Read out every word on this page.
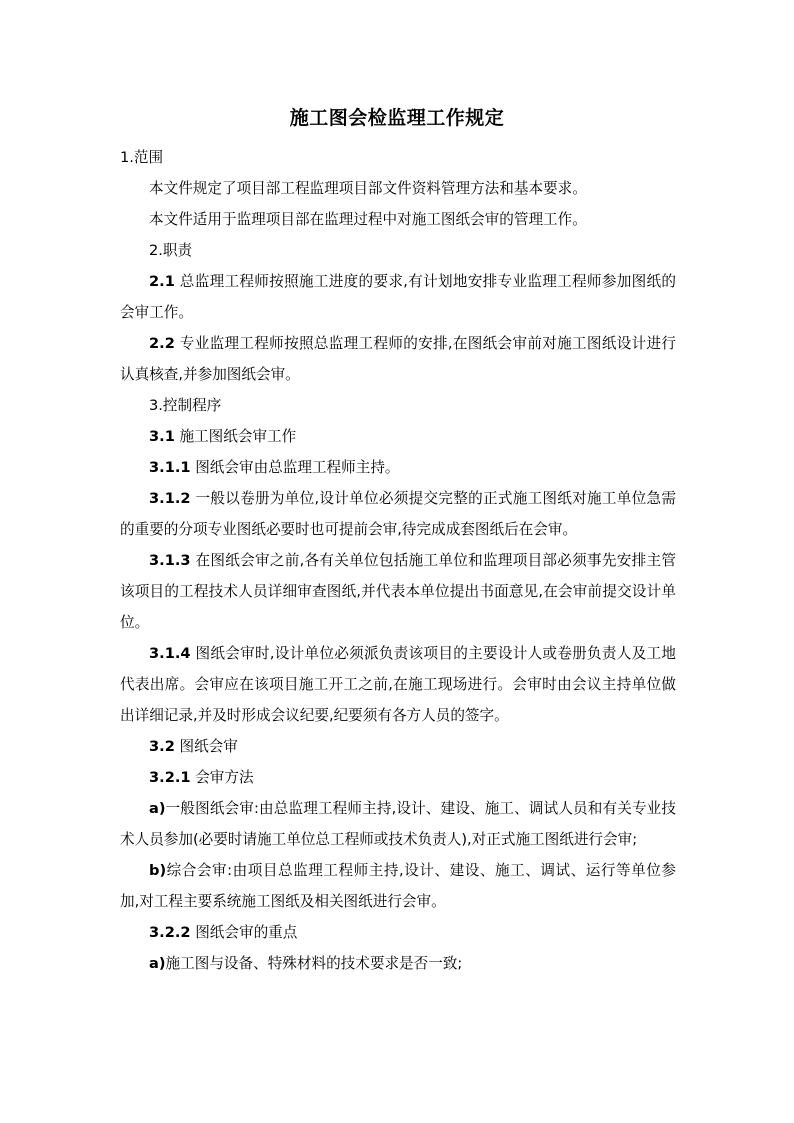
施工图会检监理工作规定

1.范围

本文件规定了项目部工程监理项目部文件资料管理方法和基本要求。

本文件适用于监理项目部在监理过程中对施工图纸会审的管理工作。

2.职责

2.1 总监理工程师按照施工进度的要求,有计划地安排专业监理工程师参加图纸的会审工作。

2.2 专业监理工程师按照总监理工程师的安排,在图纸会审前对施工图纸设计进行认真核查,并参加图纸会审。

3.控制程序

3.1 施工图纸会审工作

3.1.1 图纸会审由总监理工程师主持。

3.1.2 一般以卷册为单位,设计单位必须提交完整的正式施工图纸对施工单位急需的重要的分项专业图纸必要时也可提前会审,待完成成套图纸后在会审。

3.1.3 在图纸会审之前,各有关单位包括施工单位和监理项目部必须事先安排主管该项目的工程技术人员详细审查图纸,并代表本单位提出书面意见,在会审前提交设计单位。

3.1.4 图纸会审时,设计单位必须派负责该项目的主要设计人或卷册负责人及工地代表出席。会审应在该项目施工开工之前,在施工现场进行。会审时由会议主持单位做出详细记录,并及时形成会议纪要,纪要须有各方人员的签字。

3.2 图纸会审

3.2.1 会审方法

a)一般图纸会审:由总监理工程师主持,设计、建设、施工、调试人员和有关专业技术人员参加(必要时请施工单位总工程师或技术负责人),对正式施工图纸进行会审;

b)综合会审:由项目总监理工程师主持,设计、建设、施工、调试、运行等单位参加,对工程主要系统施工图纸及相关图纸进行会审。

3.2.2 图纸会审的重点

a)施工图与设备、特殊材料的技术要求是否一致;
